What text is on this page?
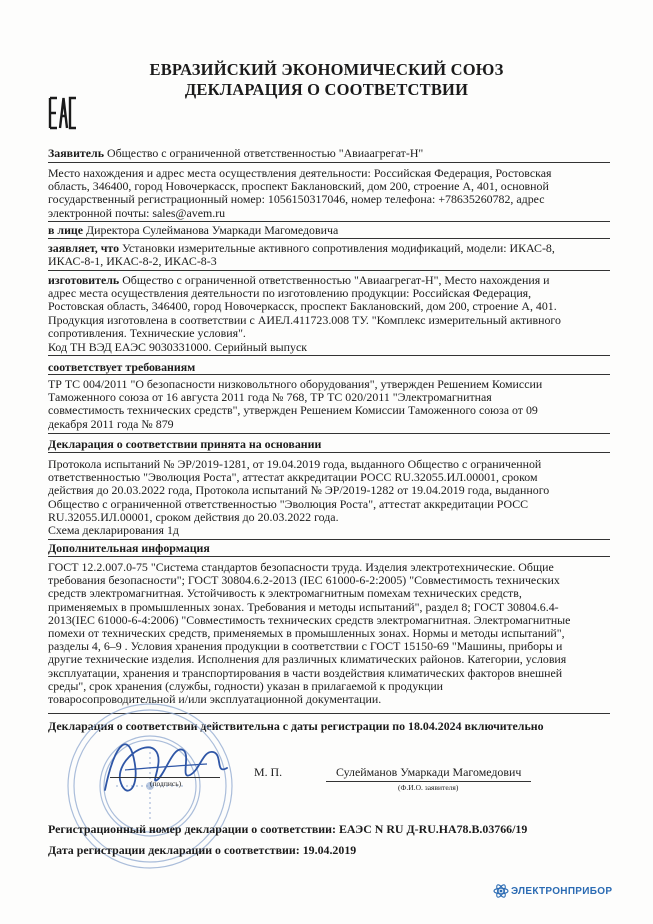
ЕВРАЗИЙСКИЙ ЭКОНОМИЧЕСКИЙ СОЮЗ
ДЕКЛАРАЦИЯ О СООТВЕТСТВИИ
Заявитель Общество с ограниченной ответственностью "Авиаагрегат-Н"
Место нахождения и адрес места осуществления деятельности: Российская Федерация, Ростовская
область, 346400, город Новочеркасск, проспект Баклановский, дом 200, строение А, 401, основной
государственный регистрационный номер: 1056150317046, номер телефона: +78635260782, адрес
электронной почты: sales@avem.ru
в лице Директора Сулейманова Умаркади Магомедовича
заявляет, что Установки измерительные активного сопротивления модификаций, модели: ИКАС-8,
ИКАС-8-1, ИКАС-8-2, ИКАС-8-3
изготовитель Общество с ограниченной ответственностью "Авиаагрегат-Н", Место нахождения и
адрес места осуществления деятельности по изготовлению продукции: Российская Федерация,
Ростовская область, 346400, город Новочеркасск, проспект Баклановский, дом 200, строение А, 401.
Продукция изготовлена в соответствии с АИЕЛ.411723.008 ТУ. "Комплекс измерительный активного
сопротивления. Технические условия".
Код ТН ВЭД ЕАЭС 9030331000. Серийный выпуск
соответствует требованиям
ТР ТС 004/2011 "О безопасности низковольтного оборудования", утвержден Решением Комиссии
Таможенного союза от 16 августа 2011 года № 768, ТР ТС 020/2011 "Электромагнитная
совместимость технических средств", утвержден Решением Комиссии Таможенного союза от 09
декабря 2011 года № 879
Декларация о соответствии принята на основании
Протокола испытаний № ЭР/2019-1281, от 19.04.2019 года, выданного Общество с ограниченной
ответственностью "Эволюция Роста", аттестат аккредитации РОСС RU.32055.ИЛ.00001, сроком
действия до 20.03.2022 года, Протокола испытаний № ЭР/2019-1282 от 19.04.2019 года, выданного
Общество с ограниченной ответственностью "Эволюция Роста", аттестат аккредитации РОСС
RU.32055.ИЛ.00001, сроком действия до 20.03.2022 года.
Схема декларирования 1д
Дополнительная информация
ГОСТ 12.2.007.0-75 "Система стандартов безопасности труда. Изделия электротехнические. Общие
требования безопасности"; ГОСТ 30804.6.2-2013 (IEC 61000-6-2:2005) "Совместимость технических
средств электромагнитная. Устойчивость к электромагнитным помехам технических средств,
применяемых в промышленных зонах. Требования и методы испытаний", раздел 8; ГОСТ 30804.6.4-
2013(IEC 61000-6-4:2006) "Совместимость технических средств электромагнитная. Электромагнитные
помехи от технических средств, применяемых в промышленных зонах. Нормы и методы испытаний",
разделы 4, 6–9 . Условия хранения продукции в соответствии с ГОСТ 15150-69 "Машины, приборы и
другие технические изделия. Исполнения для различных климатических районов. Категории, условия
эксплуатации, хранения и транспортирования в части воздействия климатических факторов внешней
среды", срок хранения (службы, годности) указан в прилагаемой к продукции
товаросопроводительной и/или эксплуатационной документации.
Декларация о соответствии действительна с даты регистрации по 18.04.2024 включительно
(подпись)
М. П.	Сулейманов Умаркади Магомедович
(Ф.И.О. заявителя)
Регистрационный номер декларации о соответствии: ЕАЭС N RU Д-RU.НА78.В.03766/19
Дата регистрации декларации о соответствии: 19.04.2019
ЭЛЕКТРОНПРИБОР
